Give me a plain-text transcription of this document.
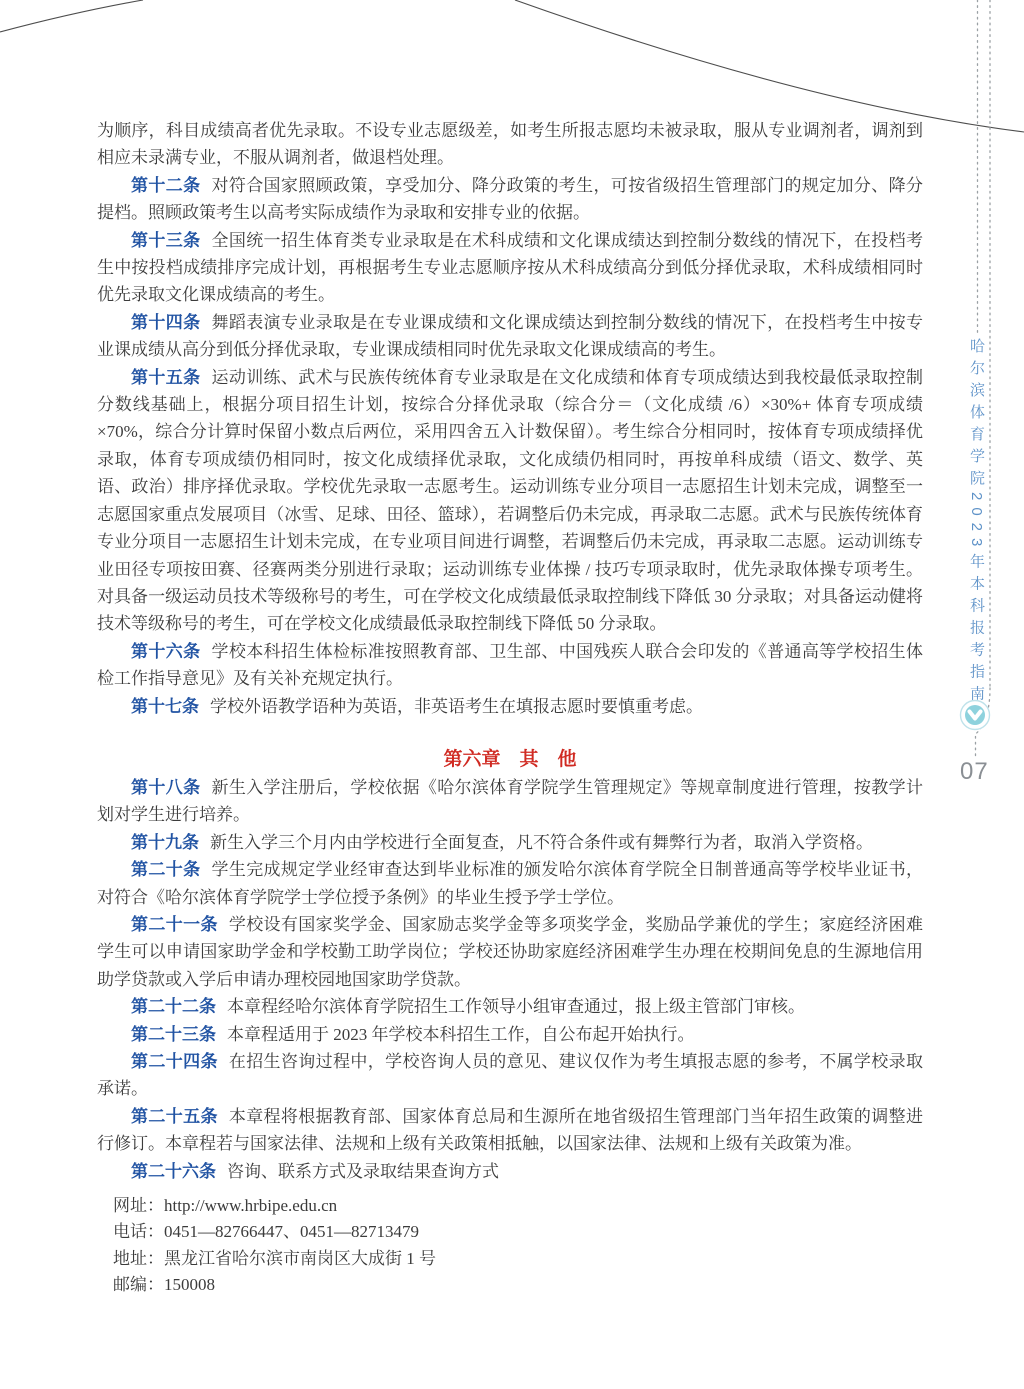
哈尔滨体育学院2023年本科报考指南
07

为顺序，科目成绩高者优先录取。不设专业志愿级差，如考生所报志愿均未被录取，服从专业调剂者，调剂到相应未录满专业，不服从调剂者，做退档处理。

第十二条 对符合国家照顾政策，享受加分、降分政策的考生，可按省级招生管理部门的规定加分、降分提档。照顾政策考生以高考实际成绩作为录取和安排专业的依据。

第十三条 全国统一招生体育类专业录取是在术科成绩和文化课成绩达到控制分数线的情况下，在投档考生中按投档成绩排序完成计划，再根据考生专业志愿顺序按从术科成绩高分到低分择优录取，术科成绩相同时优先录取文化课成绩高的考生。

第十四条 舞蹈表演专业录取是在专业课成绩和文化课成绩达到控制分数线的情况下，在投档考生中按专业课成绩从高分到低分择优录取，专业课成绩相同时优先录取文化课成绩高的考生。

第十五条 运动训练、武术与民族传统体育专业录取是在文化成绩和体育专项成绩达到我校最低录取控制分数线基础上，根据分项目招生计划，按综合分择优录取（综合分＝（文化成绩 /6）×30%+ 体育专项成绩 ×70%，综合分计算时保留小数点后两位，采用四舍五入计数保留）。考生综合分相同时，按体育专项成绩择优录取，体育专项成绩仍相同时，按文化成绩择优录取，文化成绩仍相同时，再按单科成绩（语文、数学、英语、政治）排序择优录取。学校优先录取一志愿考生。运动训练专业分项目一志愿招生计划未完成，调整至一志愿国家重点发展项目（冰雪、足球、田径、篮球），若调整后仍未完成，再录取二志愿。武术与民族传统体育专业分项目一志愿招生计划未完成，在专业项目间进行调整，若调整后仍未完成，再录取二志愿。运动训练专业田径专项按田赛、径赛两类分别进行录取；运动训练专业体操 / 技巧专项录取时，优先录取体操专项考生。对具备一级运动员技术等级称号的考生，可在学校文化成绩最低录取控制线下降低 30 分录取；对具备运动健将技术等级称号的考生，可在学校文化成绩最低录取控制线下降低 50 分录取。

第十六条 学校本科招生体检标准按照教育部、卫生部、中国残疾人联合会印发的《普通高等学校招生体检工作指导意见》及有关补充规定执行。

第十七条 学校外语教学语种为英语，非英语考生在填报志愿时要慎重考虑。

第六章　其　他

第十八条 新生入学注册后，学校依据《哈尔滨体育学院学生管理规定》等规章制度进行管理，按教学计划对学生进行培养。

第十九条 新生入学三个月内由学校进行全面复查，凡不符合条件或有舞弊行为者，取消入学资格。

第二十条 学生完成规定学业经审查达到毕业标准的颁发哈尔滨体育学院全日制普通高等学校毕业证书，对符合《哈尔滨体育学院学士学位授予条例》的毕业生授予学士学位。

第二十一条 学校设有国家奖学金、国家励志奖学金等多项奖学金，奖励品学兼优的学生；家庭经济困难学生可以申请国家助学金和学校勤工助学岗位；学校还协助家庭经济困难学生办理在校期间免息的生源地信用助学贷款或入学后申请办理校园地国家助学贷款。

第二十二条 本章程经哈尔滨体育学院招生工作领导小组审查通过，报上级主管部门审核。

第二十三条 本章程适用于 2023 年学校本科招生工作，自公布起开始执行。

第二十四条 在招生咨询过程中，学校咨询人员的意见、建议仅作为考生填报志愿的参考，不属学校录取承诺。

第二十五条 本章程将根据教育部、国家体育总局和生源所在地省级招生管理部门当年招生政策的调整进行修订。本章程若与国家法律、法规和上级有关政策相抵触，以国家法律、法规和上级有关政策为准。

第二十六条 咨询、联系方式及录取结果查询方式

网址：http://www.hrbipe.edu.cn
电话：0451—82766447、0451—82713479
地址：黑龙江省哈尔滨市南岗区大成街 1 号
邮编：150008
